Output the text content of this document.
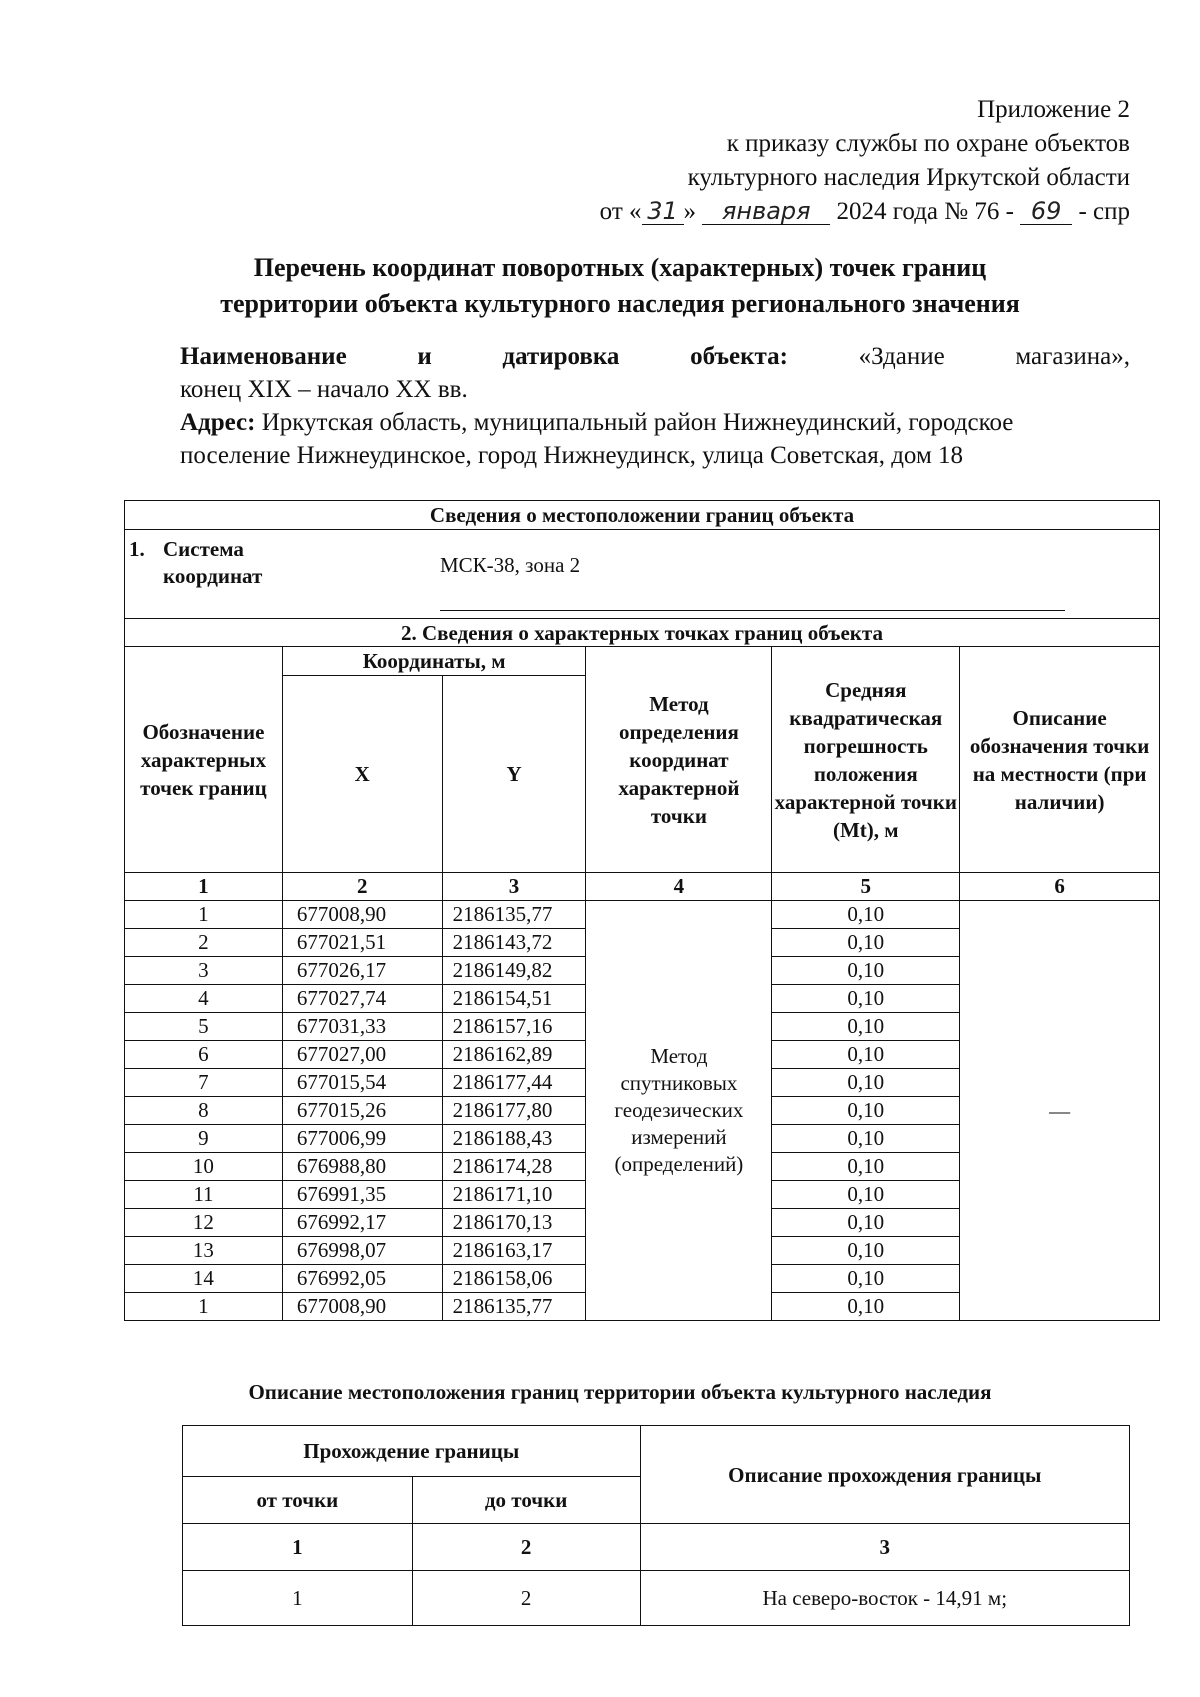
Приложение 2
к приказу службы по охране объектов
культурного наследия Иркутской области
от « 31 » января 2024 года № 76 - 69 - спр
Перечень координат поворотных (характерных) точек границ
территории объекта культурного наследия регионального значения
Наименование	и	датировка	объекта:	«Здание	магазина»,
конец XIX – начало XX вв.
Адрес: Иркутская область, муниципальный район Нижнеудинский, городское
поселение Нижнеудинское, город Нижнеудинск, улица Советская, дом 18
Сведения о местоположении границ объекта					

1. Система
координат МСК-38, зона 2					

2. Сведения о характерных точках границ объекта					
Обозначение характерных точек границ	Координаты, м		Метод определения координат характерной точки	Средняя квадратическая погрешность положения характерной точки (Mt), м	Описание обозначения точки на местности (при наличии)
	X	Y			
1	2	3	4	5	6
1	677008,90	2186135,77	Метод спутниковых геодезических измерений (определений)	0,10	—
2	677021,51	2186143,72		0,10	
3	677026,17	2186149,82		0,10	
4	677027,74	2186154,51		0,10	
5	677031,33	2186157,16		0,10	
6	677027,00	2186162,89		0,10	
7	677015,54	2186177,44		0,10	
8	677015,26	2186177,80		0,10	
9	677006,99	2186188,43		0,10	
10	676988,80	2186174,28		0,10	
11	676991,35	2186171,10		0,10	
12	676992,17	2186170,13		0,10	
13	676998,07	2186163,17		0,10	
14	676992,05	2186158,06		0,10	
1	677008,90	2186135,77		0,10	
Описание местоположения границ территории объекта культурного наследия
Прохождение границы		Описание прохождения границы
от точки	до точки	
1	2	3
1	2	На северо-восток - 14,91 м;
